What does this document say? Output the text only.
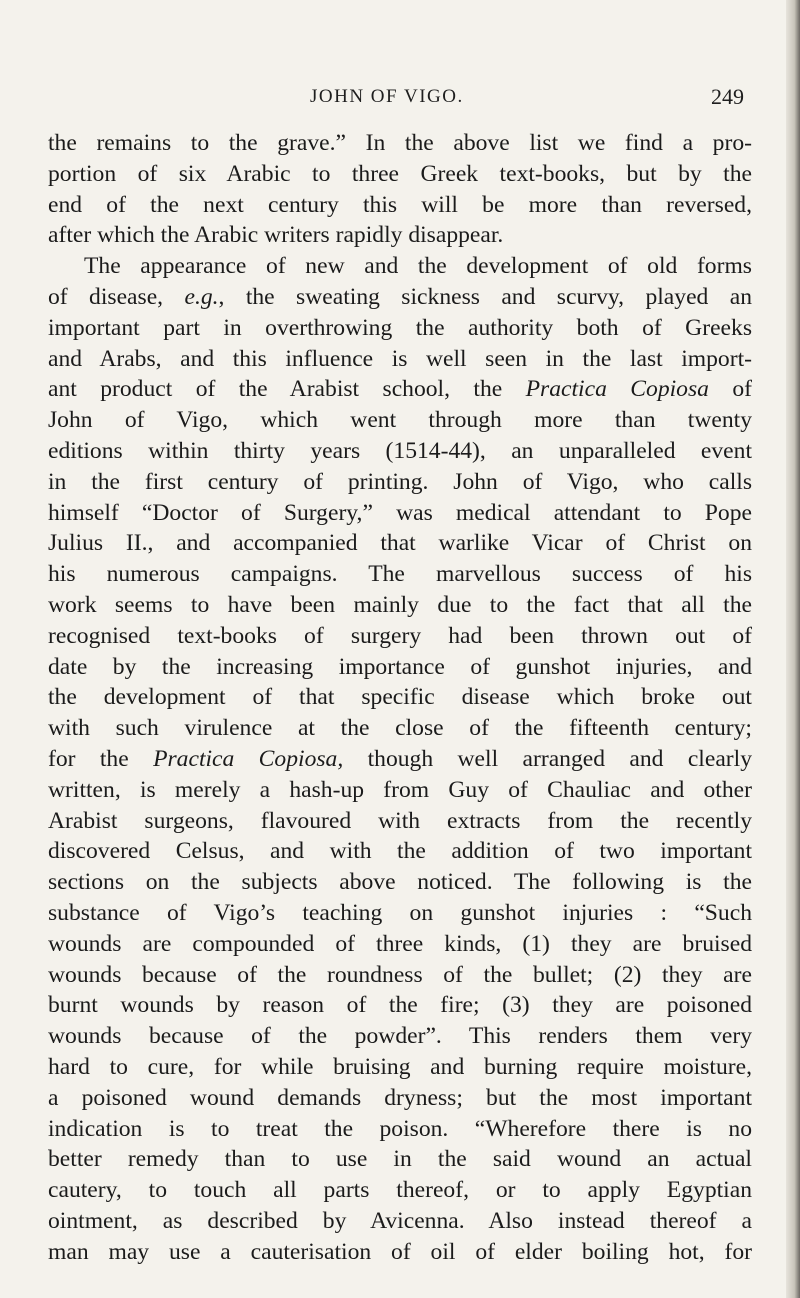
JOHN OF VIGO.	249
the remains to the grave.” In the above list we find a pro-
portion of six Arabic to three Greek text-books, but by the
end of the next century this will be more than reversed,
after which the Arabic writers rapidly disappear.
The appearance of new and the development of old forms
of disease, e.g., the sweating sickness and scurvy, played an
important part in overthrowing the authority both of Greeks
and Arabs, and this influence is well seen in the last import-
ant product of the Arabist school, the Practica Copiosa of
John of Vigo, which went through more than twenty
editions within thirty years (1514-44), an unparalleled event
in the first century of printing. John of Vigo, who calls
himself “Doctor of Surgery,” was medical attendant to Pope
Julius II., and accompanied that warlike Vicar of Christ on
his numerous campaigns. The marvellous success of his
work seems to have been mainly due to the fact that all the
recognised text-books of surgery had been thrown out of
date by the increasing importance of gunshot injuries, and
the development of that specific disease which broke out
with such virulence at the close of the fifteenth century;
for the Practica Copiosa, though well arranged and clearly
written, is merely a hash-up from Guy of Chauliac and other
Arabist surgeons, flavoured with extracts from the recently
discovered Celsus, and with the addition of two important
sections on the subjects above noticed. The following is the
substance of Vigo’s teaching on gunshot injuries : “Such
wounds are compounded of three kinds, (1) they are bruised
wounds because of the roundness of the bullet; (2) they are
burnt wounds by reason of the fire; (3) they are poisoned
wounds because of the powder”. This renders them very
hard to cure, for while bruising and burning require moisture,
a poisoned wound demands dryness; but the most important
indication is to treat the poison. “Wherefore there is no
better remedy than to use in the said wound an actual
cautery, to touch all parts thereof, or to apply Egyptian
ointment, as described by Avicenna. Also instead thereof a
man may use a cauterisation of oil of elder boiling hot, for
